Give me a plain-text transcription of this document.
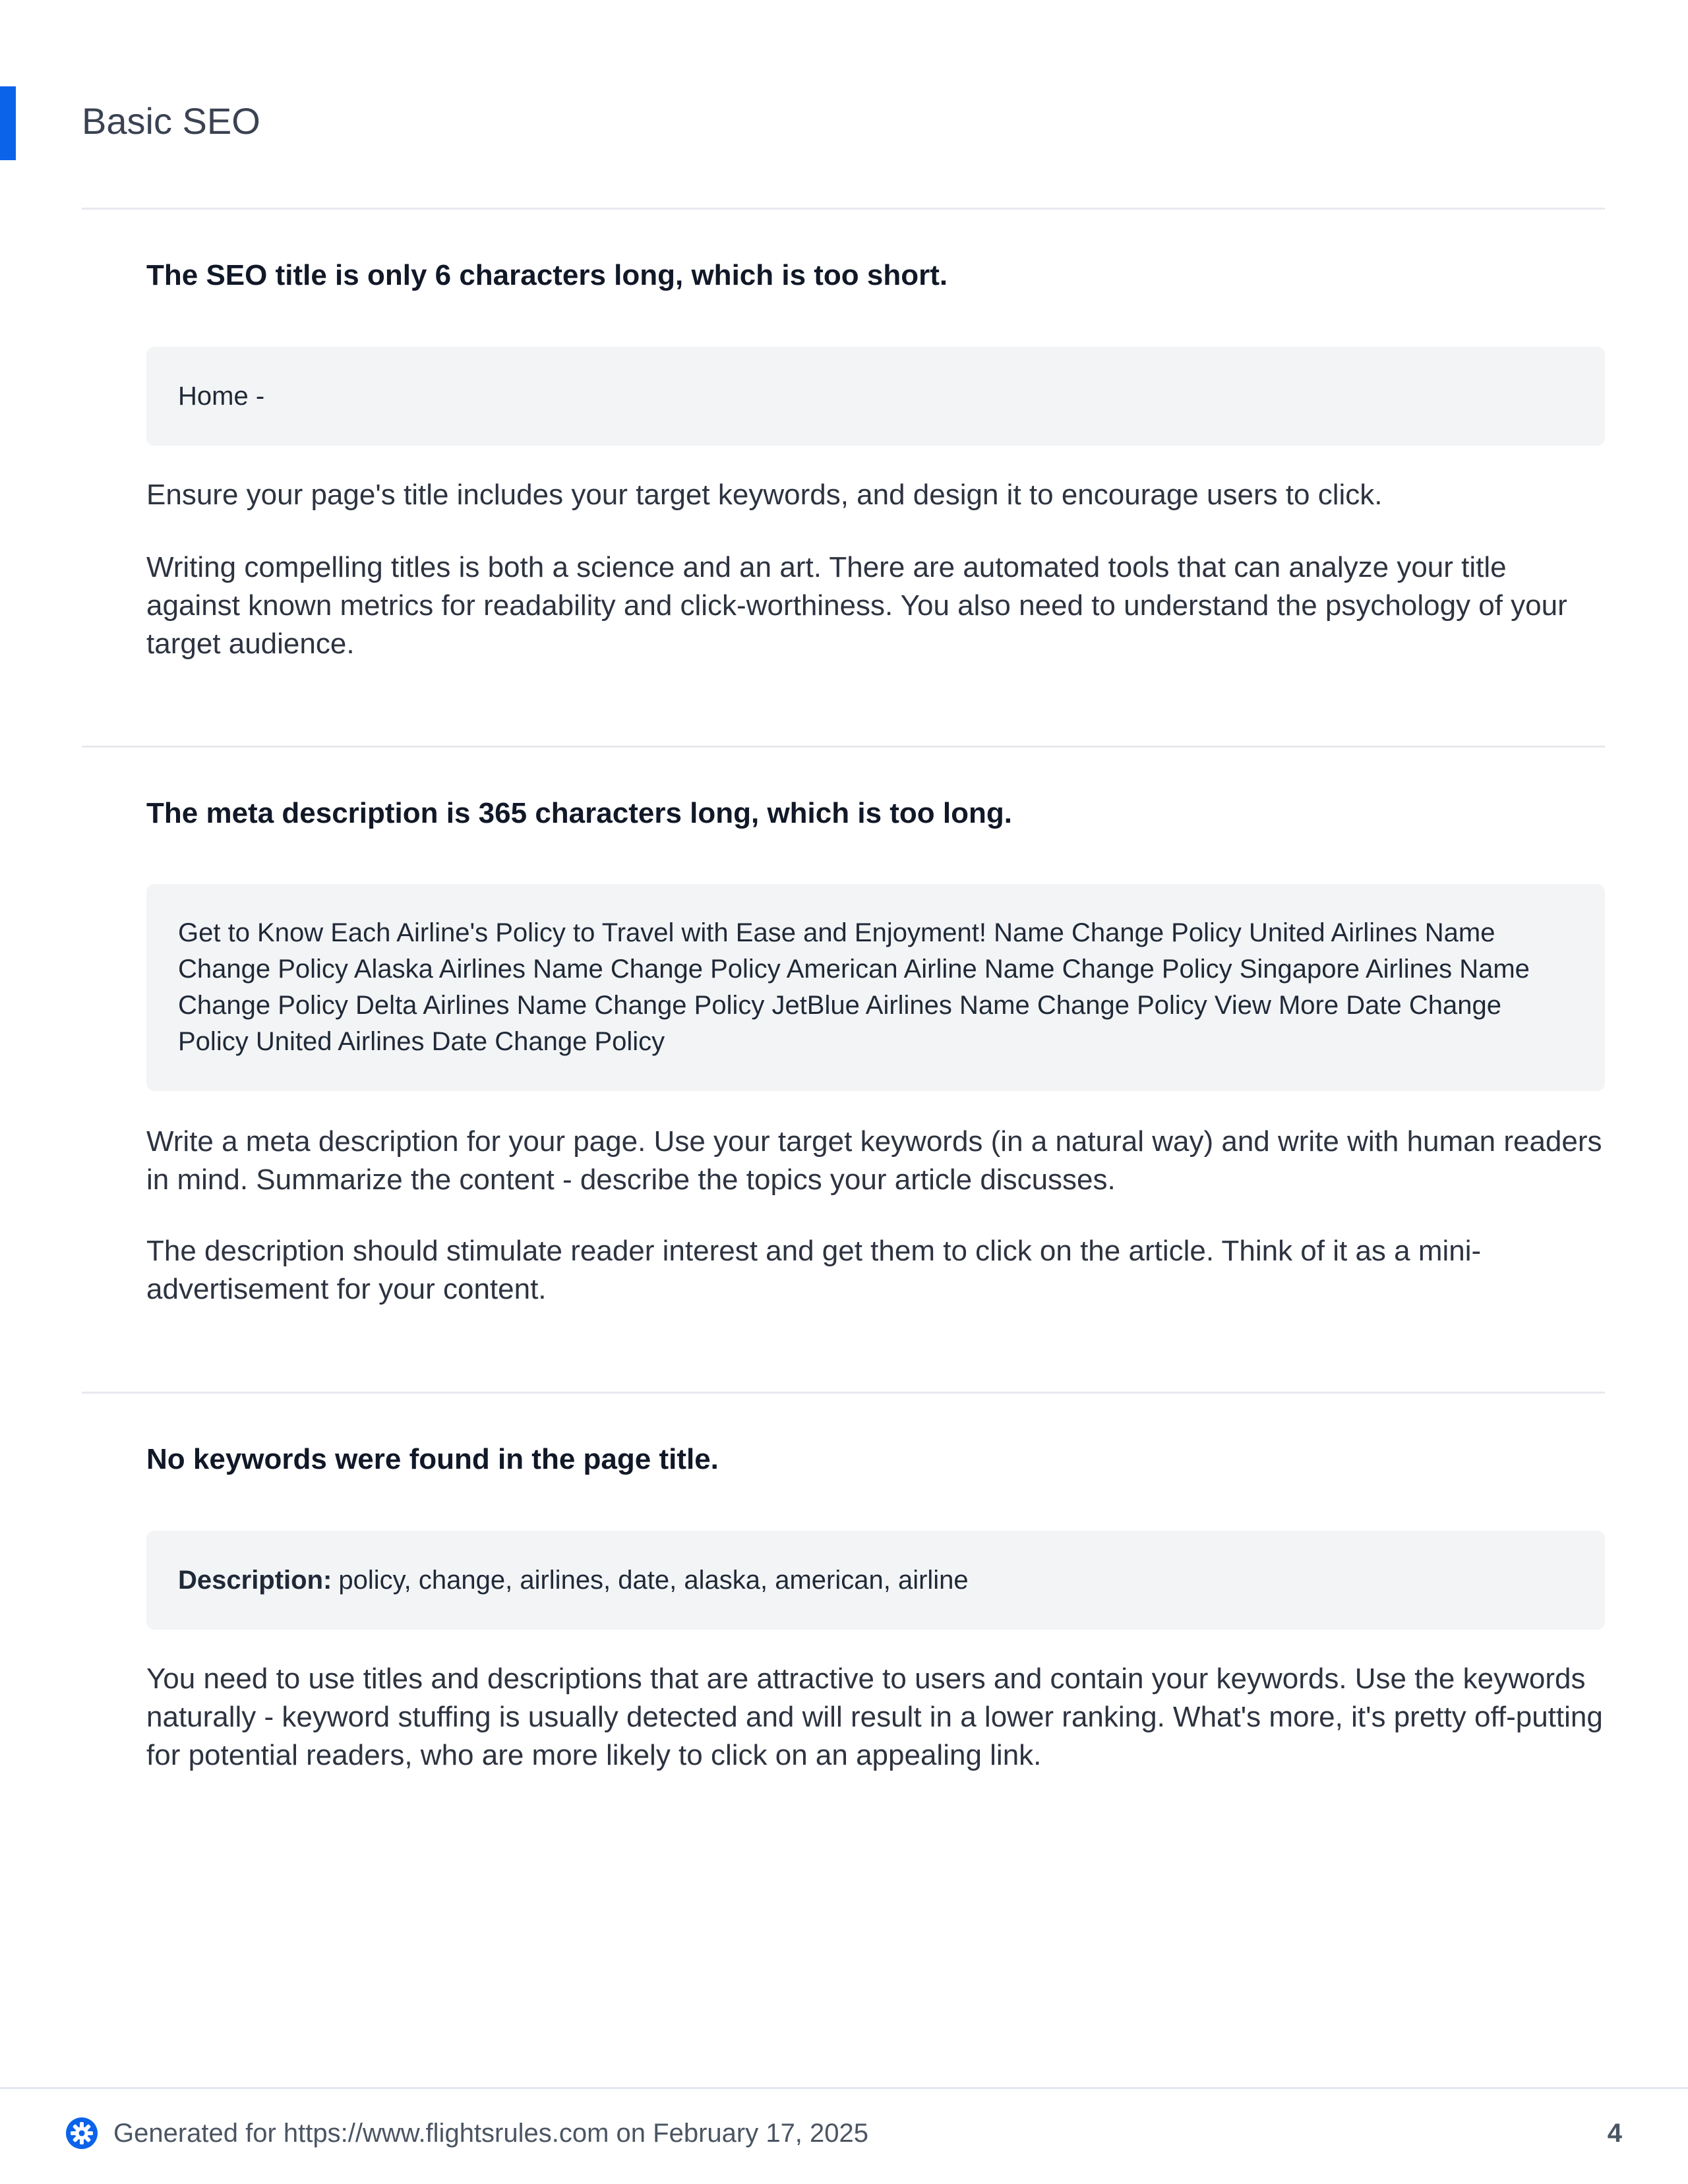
Basic SEO
The SEO title is only 6 characters long, which is too short.
Home -

Ensure your page's title includes your target keywords, and design it to encourage users to click.

Writing compelling titles is both a science and an art. There are automated tools that can analyze your title against known metrics for readability and click-worthiness. You also need to understand the psychology of your target audience.

The meta description is 365 characters long, which is too long.
Get to Know Each Airline's Policy to Travel with Ease and Enjoyment! Name Change Policy United Airlines Name Change Policy Alaska Airlines Name Change Policy American Airline Name Change Policy Singapore Airlines Name Change Policy Delta Airlines Name Change Policy JetBlue Airlines Name Change Policy View More Date Change Policy United Airlines Date Change Policy

Write a meta description for your page. Use your target keywords (in a natural way) and write with human readers in mind. Summarize the content - describe the topics your article discusses.

The description should stimulate reader interest and get them to click on the article. Think of it as a mini-advertisement for your content.

No keywords were found in the page title.
Description: policy, change, airlines, date, alaska, american, airline

You need to use titles and descriptions that are attractive to users and contain your keywords. Use the keywords naturally - keyword stuffing is usually detected and will result in a lower ranking. What's more, it's pretty off-putting for potential readers, who are more likely to click on an appealing link.

Generated for https://www.flightsrules.com on February 17, 2025	4
